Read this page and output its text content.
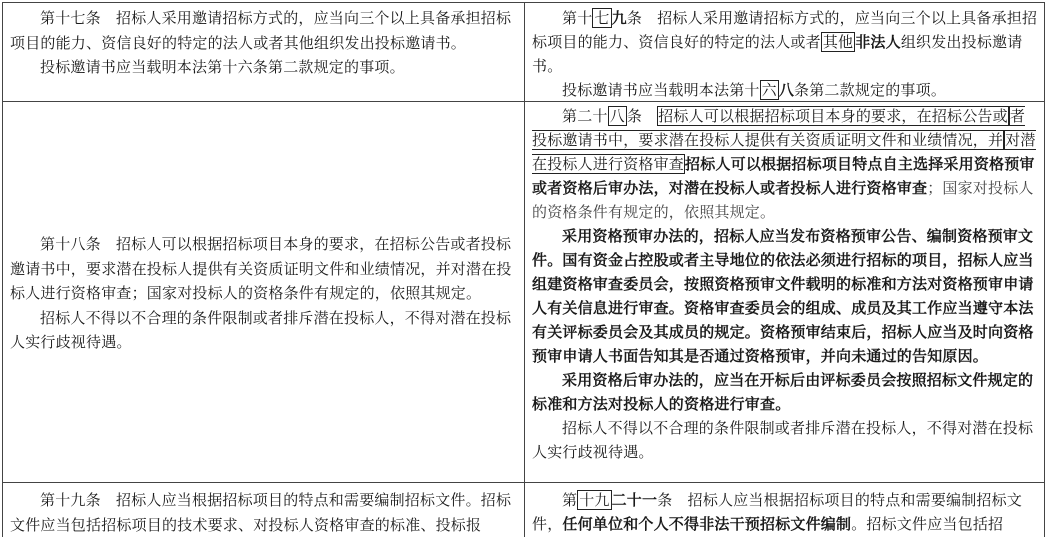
第十七条　招标人采用邀请招标方式的，应当向三个以上具备承担招标项目的能力、资信良好的特定的法人或者其他组织发出投标邀请书。

投标邀请书应当载明本法第十六条第二款规定的事项。

第十 七 九条　招标人采用邀请招标方式的，应当向三个以上具备承担招标项目的能力、资信良好的特定的法人或者 其他 非法人组织发出投标邀请书。

投标邀请书应当载明本法第十 六 八条第二款规定的事项。

第十八条　招标人可以根据招标项目本身的要求，在招标公告或者投标邀请书中，要求潜在投标人提供有关资质证明文件和业绩情况，并对潜在投标人进行资格审查；国家对投标人的资格条件有规定的，依照其规定。

招标人不得以不合理的条件限制或者排斥潜在投标人，不得对潜在投标人实行歧视待遇。

第二十 八 条　 招标人可以根据招标项目本身的要求，在招标公告或 者投标邀请书中，要求潜在投标人提供有关资质证明文件和业绩情况，并 对潜在投标人进行资格审查招标人可以根据招标项目特点自主选择采用资格预审或者资格后审办法，对潜在投标人或者投标人进行资格审查；国家对投标人的资格条件有规定的，依照其规定。

采用资格预审办法的，招标人应当发布资格预审公告、编制资格预审文件。国有资金占控股或者主导地位的依法必须进行招标的项目，招标人应当组建资格审查委员会，按照资格预审文件载明的标准和方法对资格预审申请人有关信息进行审查。资格审查委员会的组成、成员及其工作应当遵守本法有关评标委员会及其成员的规定。资格预审结束后，招标人应当及时向资格预审申请人书面告知其是否通过资格预审，并向未通过的告知原因。

采用资格后审办法的，应当在开标后由评标委员会按照招标文件规定的标准和方法对投标人的资格进行审查。

招标人不得以不合理的条件限制或者排斥潜在投标人，不得对潜在投标人实行歧视待遇。

第十九条　招标人应当根据招标项目的特点和需要编制招标文件。招标文件应当包括招标项目的技术要求、对投标人资格审查的标准、投标报

第 十九 二十一条　招标人应当根据招标项目的特点和需要编制招标文件，任何单位和个人不得非法干预招标文件编制。招标文件应当包括招
